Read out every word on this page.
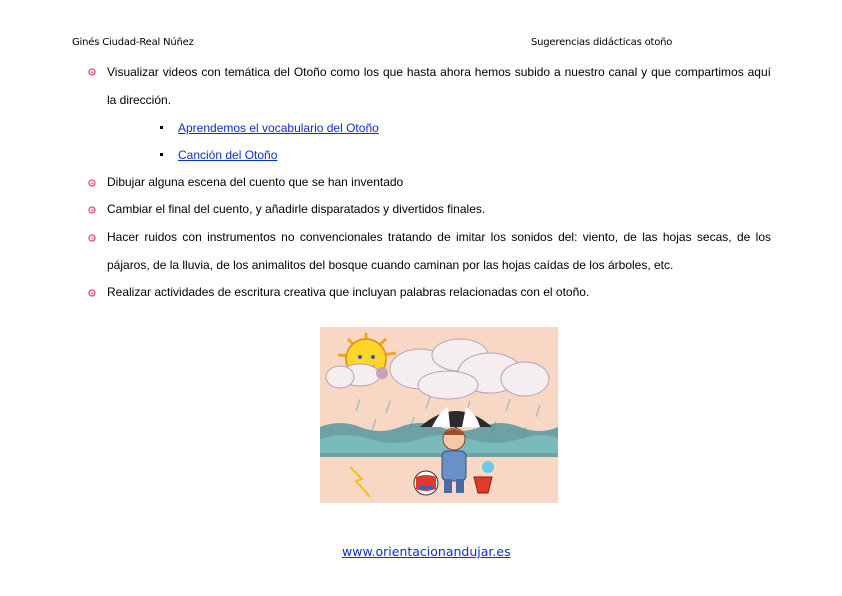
Ginés Ciudad-Real Núñez	Sugerencias didácticas otoño
Visualizar videos con temática del Otoño como los que hasta ahora hemos subido a nuestro canal y que compartimos aquí la dirección.
Aprendemos el vocabulario del Otoño
Canción del Otoño
Dibujar alguna escena del cuento que se han inventado
Cambiar el final del cuento, y añadirle disparatados y divertidos finales.
Hacer ruidos con instrumentos no convencionales tratando de imitar los sonidos del: viento, de las hojas secas, de los pájaros, de la lluvia, de los animalitos del bosque cuando caminan por las hojas caídas de los árboles, etc.
Realizar actividades de escritura creativa que incluyan palabras relacionadas con el otoño.
www.orientacionandujar.es
